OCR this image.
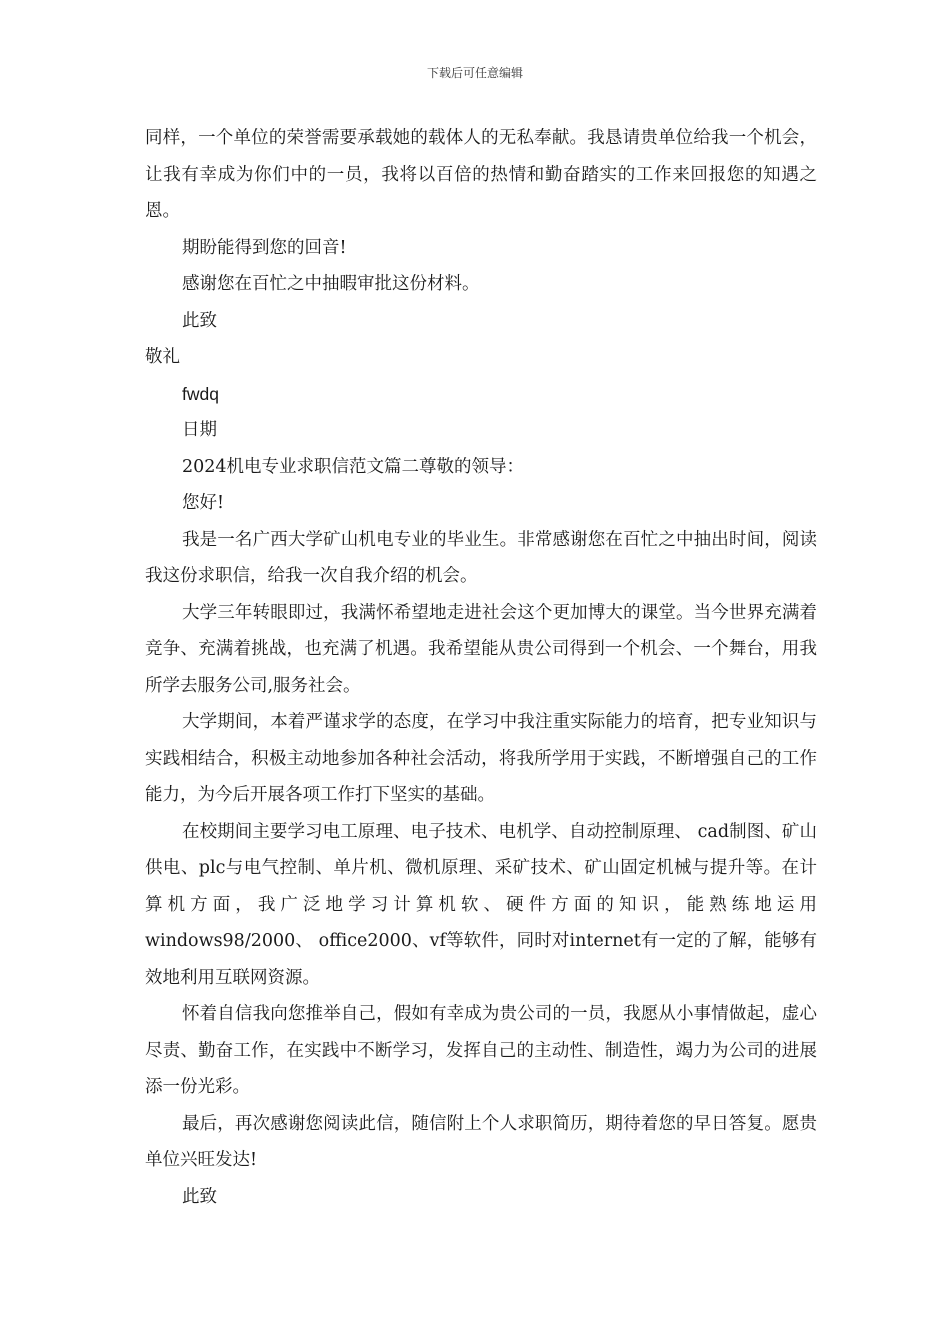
下载后可任意编辑

同样，一个单位的荣誉需要承载她的载体人的无私奉献。我恳请贵单位给我一个机会，让我有幸成为你们中的一员，我将以百倍的热情和勤奋踏实的工作来回报您的知遇之恩。

期盼能得到您的回音!

感谢您在百忙之中抽暇审批这份材料。

此致

敬礼

fwdq

日期

2024机电专业求职信范文篇二尊敬的领导：

您好!

我是一名广西大学矿山机电专业的毕业生。非常感谢您在百忙之中抽出时间，阅读我这份求职信，给我一次自我介绍的机会。

大学三年转眼即过，我满怀希望地走进社会这个更加博大的课堂。当今世界充满着竞争、充满着挑战，也充满了机遇。我希望能从贵公司得到一个机会、一个舞台，用我所学去服务公司,服务社会。

大学期间，本着严谨求学的态度，在学习中我注重实际能力的培育，把专业知识与实践相结合，积极主动地参加各种社会活动，将我所学用于实践，不断增强自己的工作能力，为今后开展各项工作打下坚实的基础。

在校期间主要学习电工原理、电子技术、电机学、自动控制原理、 cad制图、矿山供电、plc与电气控制、单片机、微机原理、采矿技术、矿山固定机械与提升等。在计算机方面，我广泛地学习计算机软、硬件方面的知识，能熟练地运用windows98/2000、 office2000、vf等软件，同时对internet有一定的了解，能够有效地利用互联网资源。

怀着自信我向您推举自己，假如有幸成为贵公司的一员，我愿从小事情做起，虚心尽责、勤奋工作，在实践中不断学习，发挥自己的主动性、制造性，竭力为公司的进展添一份光彩。

最后，再次感谢您阅读此信，随信附上个人求职简历，期待着您的早日答复。愿贵单位兴旺发达!

此致
